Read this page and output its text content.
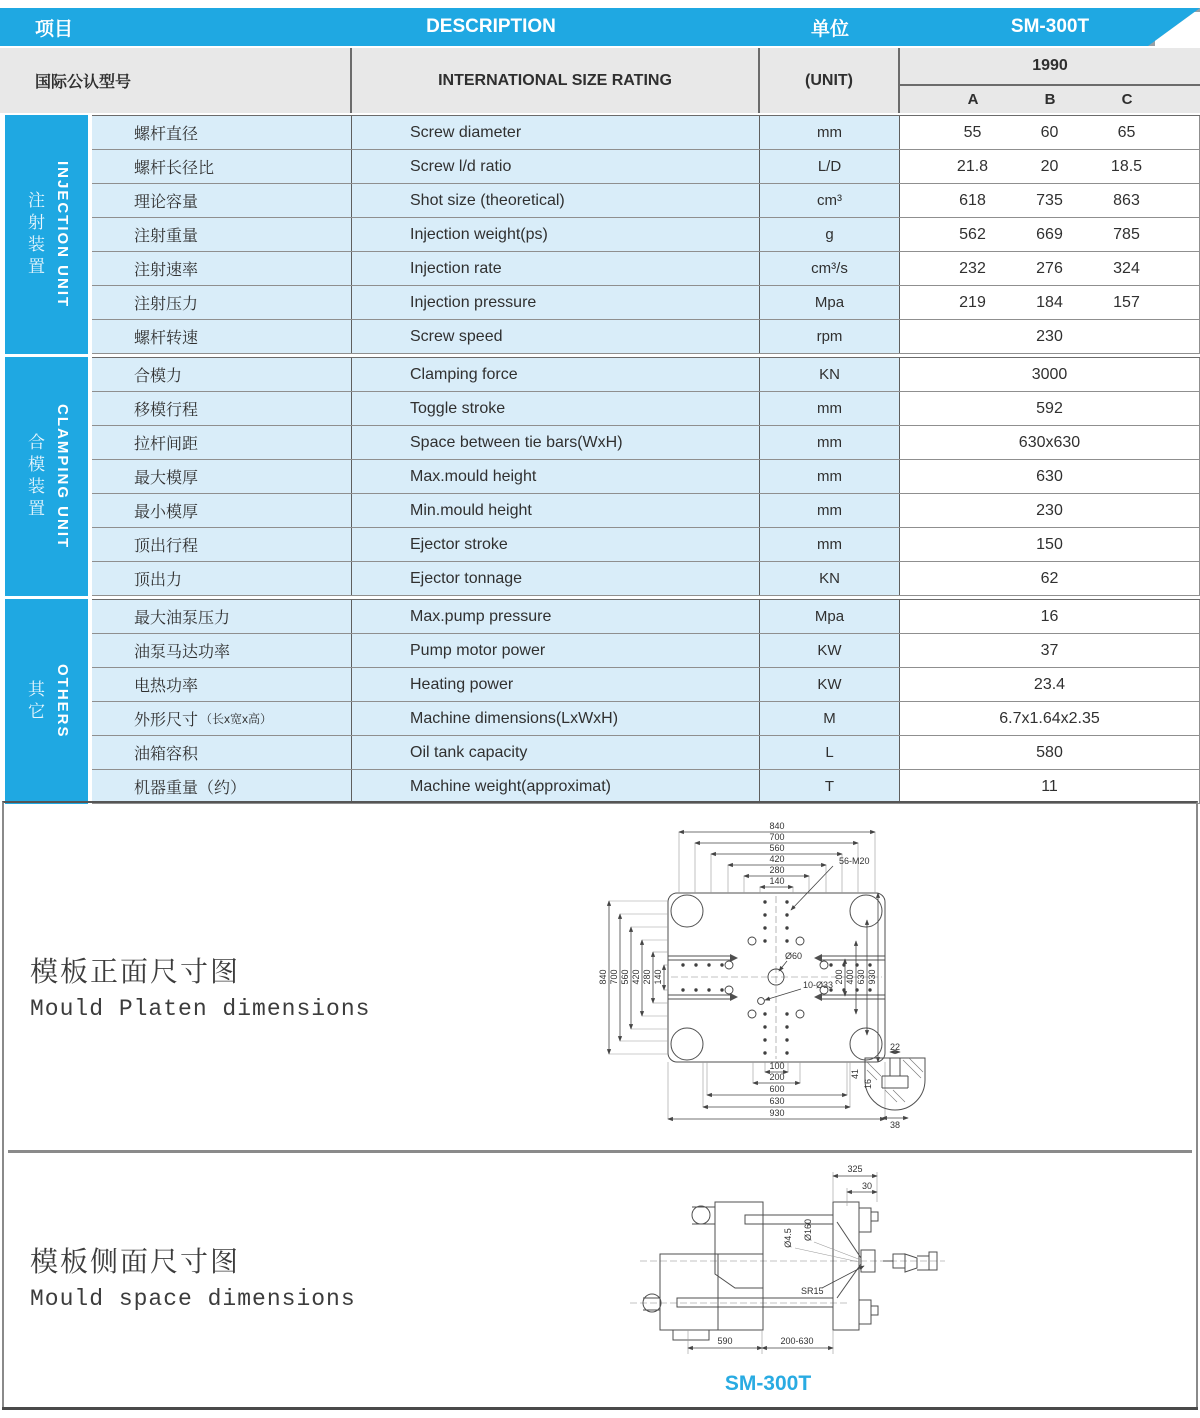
项目	DESCRIPTION	单位	SM-300T
国际公认型号	INTERNATIONAL SIZE RATING	(UNIT)
1990
A	B	C
注射装置 INJECTION UNIT
螺杆直径	Screw diameter	mm	55	60	65
螺杆长径比	Screw l/d ratio	L/D	21.8	20	18.5
理论容量	Shot size (theoretical)	cm³	618	735	863
注射重量	Injection weight(ps)	g	562	669	785
注射速率	Injection rate	cm³/s	232	276	324
注射压力	Injection pressure	Mpa	219	184	157
螺杆转速	Screw speed	rpm	230
合模装置 CLAMPING UNIT
合模力	Clamping force	KN	3000
移模行程	Toggle stroke	mm	592
拉杆间距	Space between tie bars(WxH)	mm	630x630
最大模厚	Max.mould height	mm	630
最小模厚	Min.mould height	mm	230
顶出行程	Ejector stroke	mm	150
顶出力	Ejector tonnage	KN	62
其它 OTHERS
最大油泵压力	Max.pump pressure	Mpa	16
油泵马达功率	Pump motor power	KW	37
电热功率	Heating power	KW	23.4
外形尺寸 （长x宽x高）	Machine dimensions(LxWxH)	M	6.7x1.64x2.35
油箱容积	Oil tank capacity	L	580
机器重量（约）	Machine weight(approximat)	T	11
模板正面尺寸图
Mould Platen dimensions
模板侧面尺寸图
Mould space dimensions
840
700
560
420
280
140
840 700 560 420 280 140	200 400 630 930
100
200
600
630
930
56-M20
Ø60
10-Ø33
22
41
16
38
325
30
Ø4.5 Ø160
SR15
590	200-630
SM-300T
